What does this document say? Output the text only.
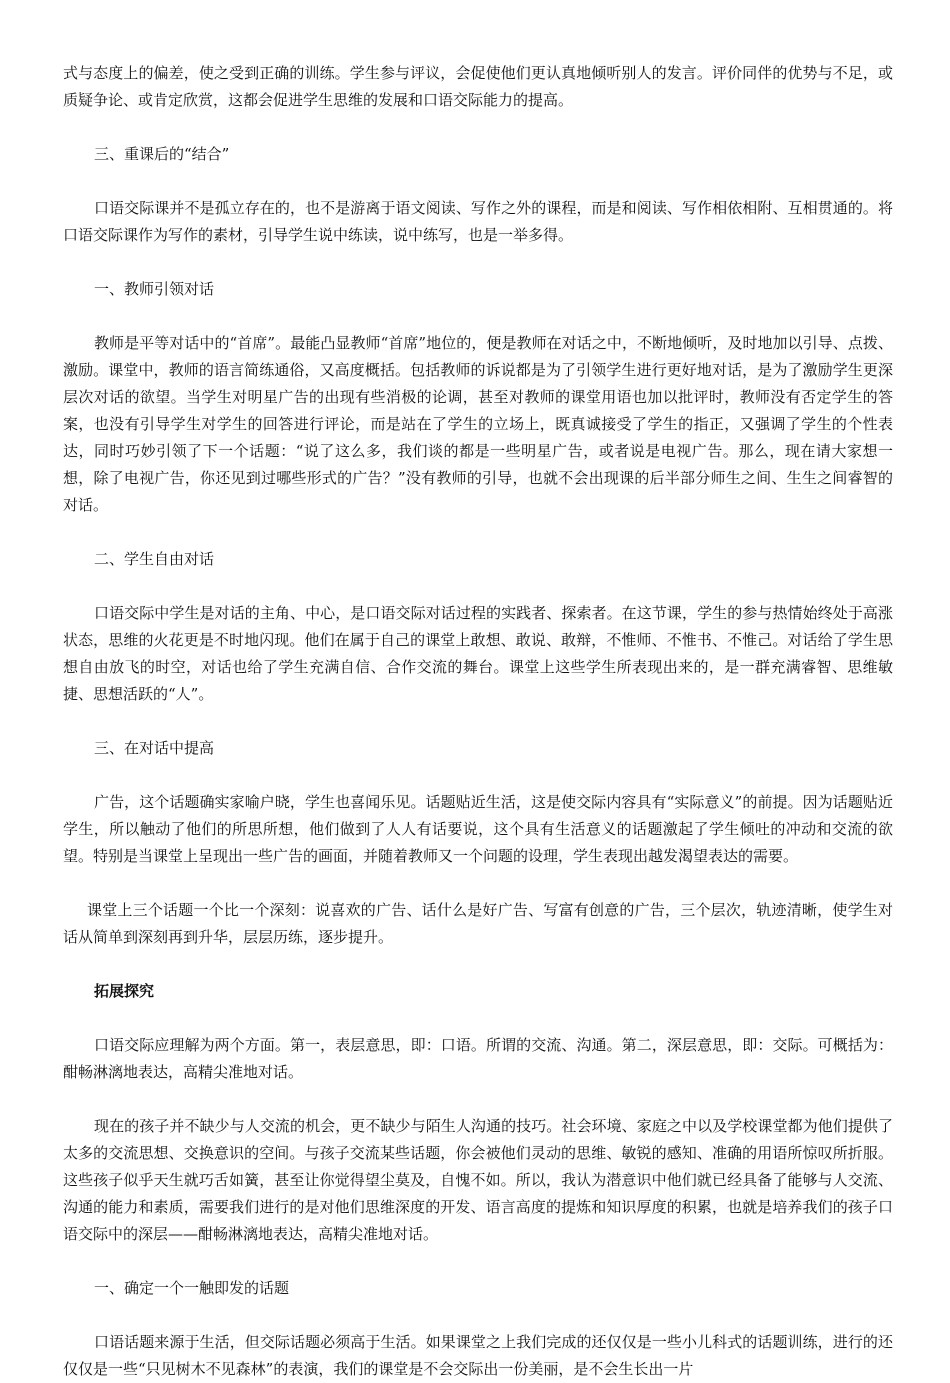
式与态度上的偏差，使之受到正确的训练。学生参与评议，会促使他们更认真地倾听别人的发言。评价同伴的优势与不足，或质疑争论、或肯定欣赏，这都会促进学生思维的发展和口语交际能力的提高。

三、重课后的“结合”

口语交际课并不是孤立存在的，也不是游离于语文阅读、写作之外的课程，而是和阅读、写作相依相附、互相贯通的。将口语交际课作为写作的素材，引导学生说中练读，说中练写，也是一举多得。

一、教师引领对话

教师是平等对话中的“首席”。最能凸显教师“首席”地位的，便是教师在对话之中，不断地倾听，及时地加以引导、点拨、激励。课堂中，教师的语言简练通俗，又高度概括。包括教师的诉说都是为了引领学生进行更好地对话，是为了激励学生更深层次对话的欲望。当学生对明星广告的出现有些消极的论调，甚至对教师的课堂用语也加以批评时，教师没有否定学生的答案，也没有引导学生对学生的回答进行评论，而是站在了学生的立场上，既真诚接受了学生的指正，又强调了学生的个性表达，同时巧妙引领了下一个话题：“说了这么多，我们谈的都是一些明星广告，或者说是电视广告。那么，现在请大家想一想，除了电视广告，你还见到过哪些形式的广告？”没有教师的引导，也就不会出现课的后半部分师生之间、生生之间睿智的对话。

二、学生自由对话

口语交际中学生是对话的主角、中心，是口语交际对话过程的实践者、探索者。在这节课，学生的参与热情始终处于高涨状态，思维的火花更是不时地闪现。他们在属于自己的课堂上敢想、敢说、敢辩，不惟师、不惟书、不惟己。对话给了学生思想自由放飞的时空，对话也给了学生充满自信、合作交流的舞台。课堂上这些学生所表现出来的，是一群充满睿智、思维敏捷、思想活跃的“人”。

三、在对话中提高

广告，这个话题确实家喻户晓，学生也喜闻乐见。话题贴近生活，这是使交际内容具有“实际意义”的前提。因为话题贴近学生，所以触动了他们的所思所想，他们做到了人人有话要说，这个具有生活意义的话题激起了学生倾吐的冲动和交流的欲望。特别是当课堂上呈现出一些广告的画面，并随着教师又一个问题的设理，学生表现出越发渴望表达的需要。

课堂上三个话题一个比一个深刻：说喜欢的广告、话什么是好广告、写富有创意的广告，三个层次，轨迹清晰，使学生对话从简单到深刻再到升华，层层历练，逐步提升。

拓展探究

口语交际应理解为两个方面。第一，表层意思，即：口语。所谓的交流、沟通。第二，深层意思，即：交际。可概括为：酣畅淋漓地表达，高精尖准地对话。

现在的孩子并不缺少与人交流的机会，更不缺少与陌生人沟通的技巧。社会环境、家庭之中以及学校课堂都为他们提供了太多的交流思想、交换意识的空间。与孩子交流某些话题，你会被他们灵动的思维、敏锐的感知、准确的用语所惊叹所折服。这些孩子似乎天生就巧舌如簧，甚至让你觉得望尘莫及，自愧不如。所以，我认为潜意识中他们就已经具备了能够与人交流、沟通的能力和素质，需要我们进行的是对他们思维深度的开发、语言高度的提炼和知识厚度的积累，也就是培养我们的孩子口语交际中的深层——酣畅淋漓地表达，高精尖准地对话。

一、确定一个一触即发的话题

口语话题来源于生活，但交际话题必须高于生活。如果课堂之上我们完成的还仅仅是一些小儿科式的话题训练，进行的还仅仅是一些“只见树木不见森林”的表演，我们的课堂是不会交际出一份美丽，是不会生长出一片
